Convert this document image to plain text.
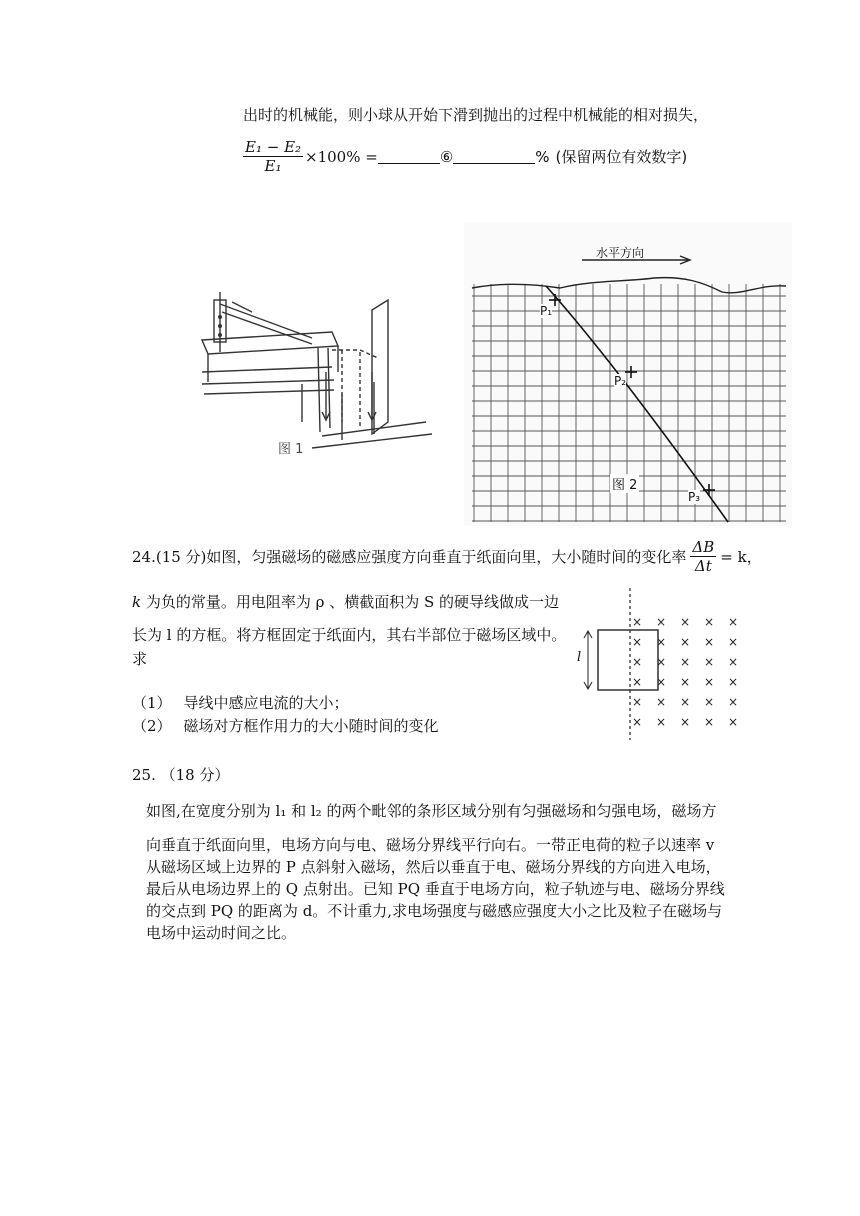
出时的机械能，则小球从开始下滑到抛出的过程中机械能的相对损失，
$\frac{\text{E₁ − E₂}}{\text{E₁}} \times 100\%$ =	⑥	% (保留两位有效数字)
图 1
水平方向
P₁
P₂
P₃
图 2
24.(15 分)如图，匀强磁场的磁感应强度方向垂直于纸面向里，大小随时间的变化率 $\frac{\Delta B}{\Delta t} = k$，
k 为负的常量。用电阻率为 ρ 、横截面积为 S 的硬导线做成一边
长为 l 的方框。将方框固定于纸面内，其右半部位于磁场区域中。
求
（1） 导线中感应电流的大小；
（2） 磁场对方框作用力的大小随时间的变化
× × × × ×
× × × × ×
× × × × ×
× × × × ×
× × × × ×
× × × × ×
l
25. （18 分）
如图,在宽度分别为 l₁ 和 l₂ 的两个毗邻的条形区域分别有匀强磁场和匀强电场，磁场方
向垂直于纸面向里，电场方向与电、磁场分界线平行向右。一带正电荷的粒子以速率 v
从磁场区域上边界的 P 点斜射入磁场，然后以垂直于电、磁场分界线的方向进入电场，
最后从电场边界上的 Q 点射出。已知 PQ 垂直于电场方向，粒子轨迹与电、磁场分界线
的交点到 PQ 的距离为 d。不计重力,求电场强度与磁感应强度大小之比及粒子在磁场与
电场中运动时间之比。
